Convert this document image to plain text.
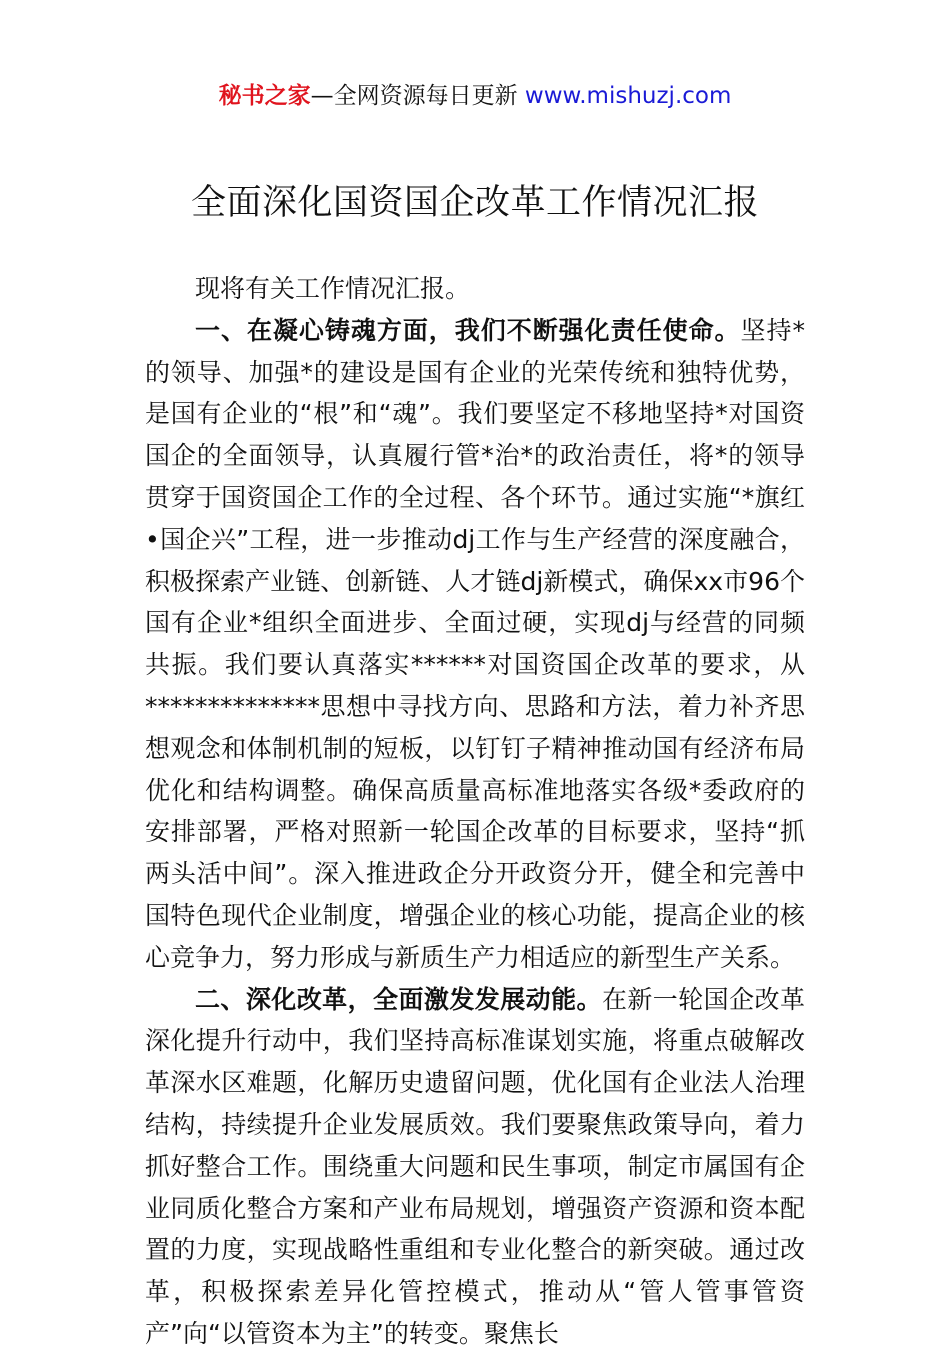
秘书之家—全网资源每日更新 www.mishuzj.com
全面深化国资国企改革工作情况汇报

现将有关工作情况汇报。

一、在凝心铸魂方面，我们不断强化责任使命。坚持*的领导、加强*的建设是国有企业的光荣传统和独特优势，是国有企业的“根”和“魂”。我们要坚定不移地坚持*对国资国企的全面领导，认真履行管*治*的政治责任，将*的领导贯穿于国资国企工作的全过程、各个环节。通过实施“*旗红•国企兴”工程，进一步推动dj工作与生产经营的深度融合，积极探索产业链、创新链、人才链dj新模式，确保xx市96个国有企业*组织全面进步、全面过硬，实现dj与经营的同频共振。我们要认真落实******对国资国企改革的要求，从**************思想中寻找方向、思路和方法，着力补齐思想观念和体制机制的短板，以钉钉子精神推动国有经济布局优化和结构调整。确保高质量高标准地落实各级*委政府的安排部署，严格对照新一轮国企改革的目标要求，坚持“抓两头活中间”。深入推进政企分开政资分开，健全和完善中国特色现代企业制度，增强企业的核心功能，提高企业的核心竞争力，努力形成与新质生产力相适应的新型生产关系。

二、深化改革，全面激发发展动能。在新一轮国企改革深化提升行动中，我们坚持高标准谋划实施，将重点破解改革深水区难题，化解历史遗留问题，优化国有企业法人治理结构，持续提升企业发展质效。我们要聚焦政策导向，着力抓好整合工作。围绕重大问题和民生事项，制定市属国有企业同质化整合方案和产业布局规划，增强资产资源和资本配置的力度，实现战略性重组和专业化整合的新突破。通过改革，积极探索差异化管控模式，推动从“管人管事管资产”向“以管资本为主”的转变。聚焦长
